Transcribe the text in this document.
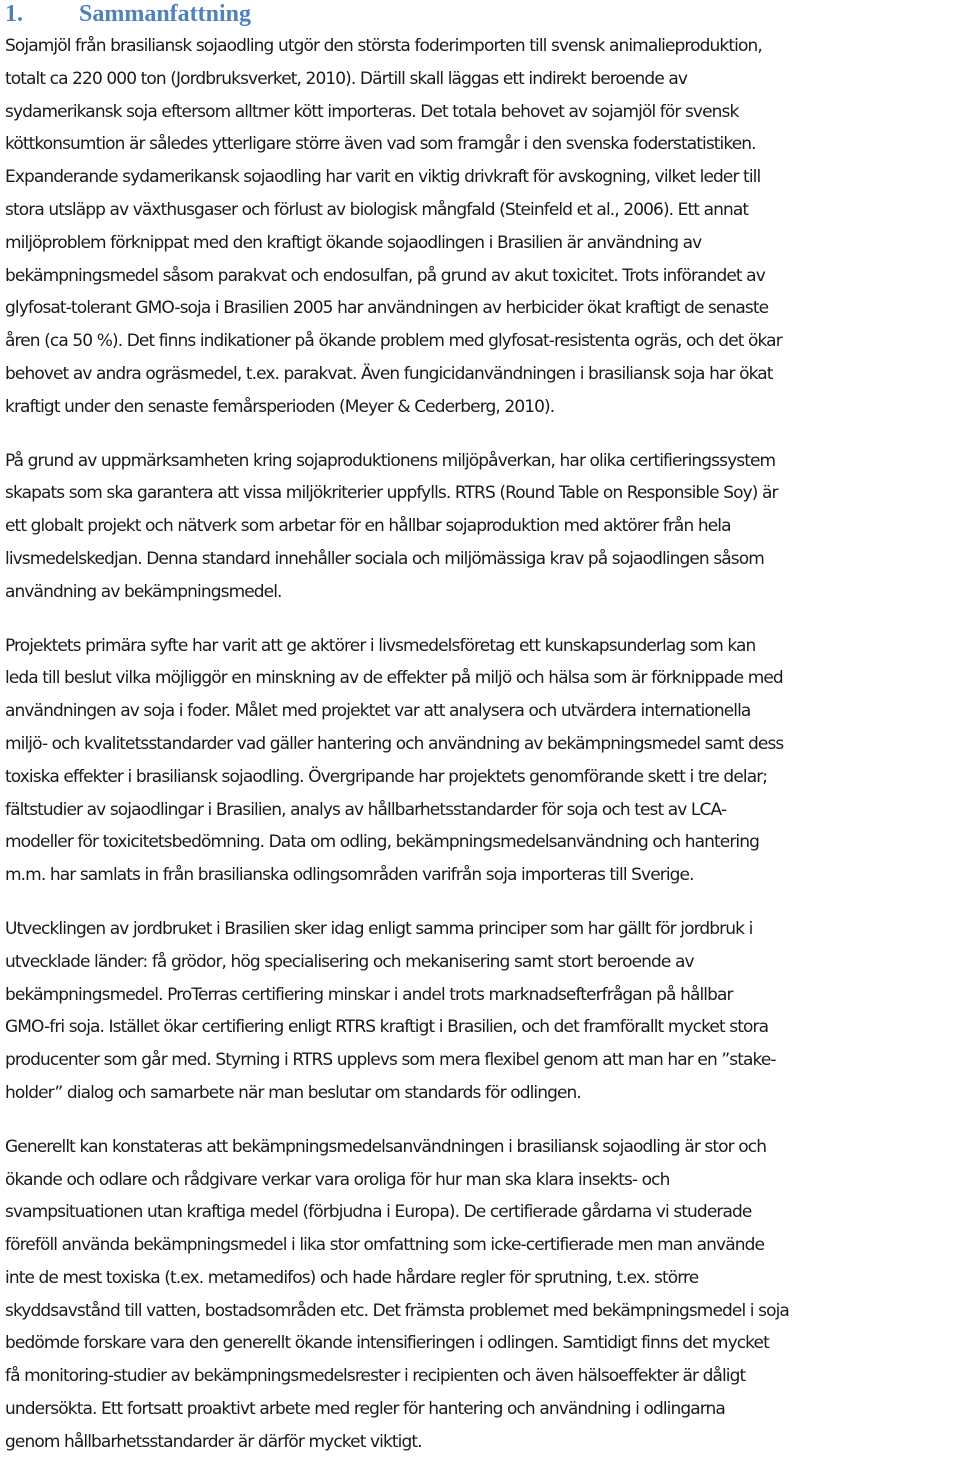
1. Sammanfattning

Sojamjöl från brasiliansk sojaodling utgör den största foderimporten till svensk animalieproduktion,
totalt ca 220 000 ton (Jordbruksverket, 2010). Därtill skall läggas ett indirekt beroende av
sydamerikansk soja eftersom alltmer kött importeras. Det totala behovet av sojamjöl för svensk
köttkonsumtion är således ytterligare större även vad som framgår i den svenska foderstatistiken.
Expanderande sydamerikansk sojaodling har varit en viktig drivkraft för avskogning, vilket leder till
stora utsläpp av växthusgaser och förlust av biologisk mångfald (Steinfeld et al., 2006). Ett annat
miljöproblem förknippat med den kraftigt ökande sojaodlingen i Brasilien är användning av
bekämpningsmedel såsom parakvat och endosulfan, på grund av akut toxicitet. Trots införandet av
glyfosat-tolerant GMO-soja i Brasilien 2005 har användningen av herbicider ökat kraftigt de senaste
åren (ca 50 %). Det finns indikationer på ökande problem med glyfosat-resistenta ogräs, och det ökar
behovet av andra ogräsmedel, t.ex. parakvat. Även fungicidanvändningen i brasiliansk soja har ökat
kraftigt under den senaste femårsperioden (Meyer & Cederberg, 2010).

På grund av uppmärksamheten kring sojaproduktionens miljöpåverkan, har olika certifieringssystem
skapats som ska garantera att vissa miljökriterier uppfylls. RTRS (Round Table on Responsible Soy) är
ett globalt projekt och nätverk som arbetar för en hållbar sojaproduktion med aktörer från hela
livsmedelskedjan. Denna standard innehåller sociala och miljömässiga krav på sojaodlingen såsom
användning av bekämpningsmedel.

Projektets primära syfte har varit att ge aktörer i livsmedelsföretag ett kunskapsunderlag som kan
leda till beslut vilka möjliggör en minskning av de effekter på miljö och hälsa som är förknippade med
användningen av soja i foder. Målet med projektet var att analysera och utvärdera internationella
miljö- och kvalitetsstandarder vad gäller hantering och användning av bekämpningsmedel samt dess
toxiska effekter i brasiliansk sojaodling. Övergripande har projektets genomförande skett i tre delar;
fältstudier av sojaodlingar i Brasilien, analys av hållbarhetsstandarder för soja och test av LCA-
modeller för toxicitetsbedömning. Data om odling, bekämpningsmedelsanvändning och hantering
m.m. har samlats in från brasilianska odlingsområden varifrån soja importeras till Sverige.

Utvecklingen av jordbruket i Brasilien sker idag enligt samma principer som har gällt för jordbruk i
utvecklade länder: få grödor, hög specialisering och mekanisering samt stort beroende av
bekämpningsmedel. ProTerras certifiering minskar i andel trots marknadsefterfrågan på hållbar
GMO-fri soja. Istället ökar certifiering enligt RTRS kraftigt i Brasilien, och det framförallt mycket stora
producenter som går med. Styrning i RTRS upplevs som mera flexibel genom att man har en ”stake-
holder” dialog och samarbete när man beslutar om standards för odlingen.

Generellt kan konstateras att bekämpningsmedelsanvändningen i brasiliansk sojaodling är stor och
ökande och odlare och rådgivare verkar vara oroliga för hur man ska klara insekts- och
svampsituationen utan kraftiga medel (förbjudna i Europa). De certifierade gårdarna vi studerade
föreföll använda bekämpningsmedel i lika stor omfattning som icke-certifierade men man använde
inte de mest toxiska (t.ex. metamedifos) och hade hårdare regler för sprutning, t.ex. större
skyddsavstånd till vatten, bostadsområden etc. Det främsta problemet med bekämpningsmedel i soja
bedömde forskare vara den generellt ökande intensifieringen i odlingen. Samtidigt finns det mycket
få monitoring-studier av bekämpningsmedelsrester i recipienten och även hälsoeffekter är dåligt
undersökta. Ett fortsatt proaktivt arbete med regler för hantering och användning i odlingarna
genom hållbarhetsstandarder är därför mycket viktigt.
